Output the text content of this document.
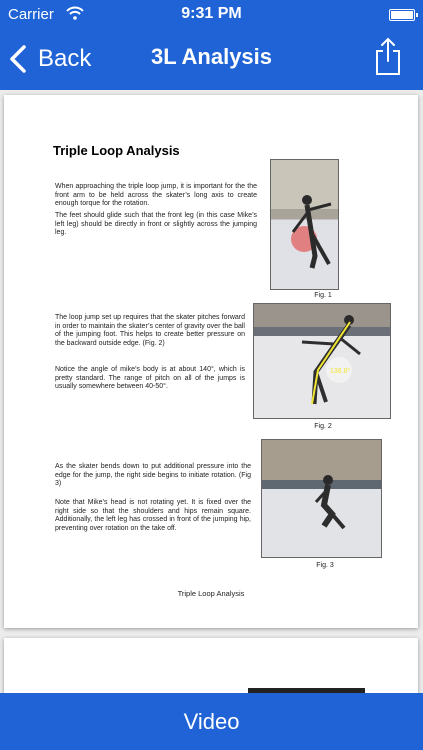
Carrier	9:31 PM
Back	3L Analysis
Triple Loop Analysis
When approaching the triple loop jump, it is important for the the front arm to be held across the skater’s long axis to create enough torque for the rotation.
The feet should glide such that the front leg (in this case Mike’s left leg) should be directly in front or slightly across the jumping leg.
Fig. 1
The loop jump set up requires that the skater pitches forward in order to maintain the skater’s center of gravity over the ball of the jumping foot. This helps to create better pressure on the backward outside edge. (Fig. 2)
Notice the angle of mike’s body is at about 140°, which is pretty standard. The range of pitch on all of the jumps is usually somewhere between 40-50°.
136.8°
Fig. 2
As the skater bends down to put additional pressure into the edge for the jump, the right side begins to initiate rotation. (Fig 3)
Note that Mike’s head is not rotating yet. It is fixed over the right side so that the shoulders and hips remain square. Additionally, the left leg has crossed in front of the jumping hip, preventing over rotation on the take off.
Fig. 3
Triple Loop Analysis
Video
